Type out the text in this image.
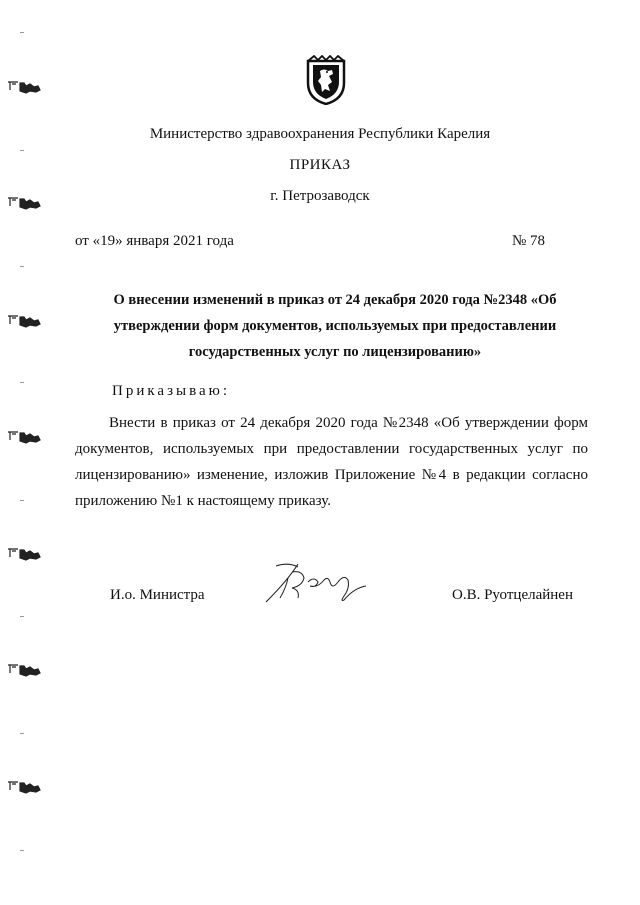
Министерство здравоохранения Республики Карелия
ПРИКАЗ
г. Петрозаводск
от «19» января 2021 года	№ 78
О внесении изменений в приказ от 24 декабря 2020 года №2348 «Об утверждении форм документов, используемых при предоставлении государственных услуг по лицензированию»
Приказываю:
Внести в приказ от 24 декабря 2020 года №2348 «Об утверждении форм документов, используемых при предоставлении государственных услуг по лицензированию» изменение, изложив Приложение №4 в редакции согласно приложению №1 к настоящему приказу.
И.о. Министра	О.В. Руотцелайнен
